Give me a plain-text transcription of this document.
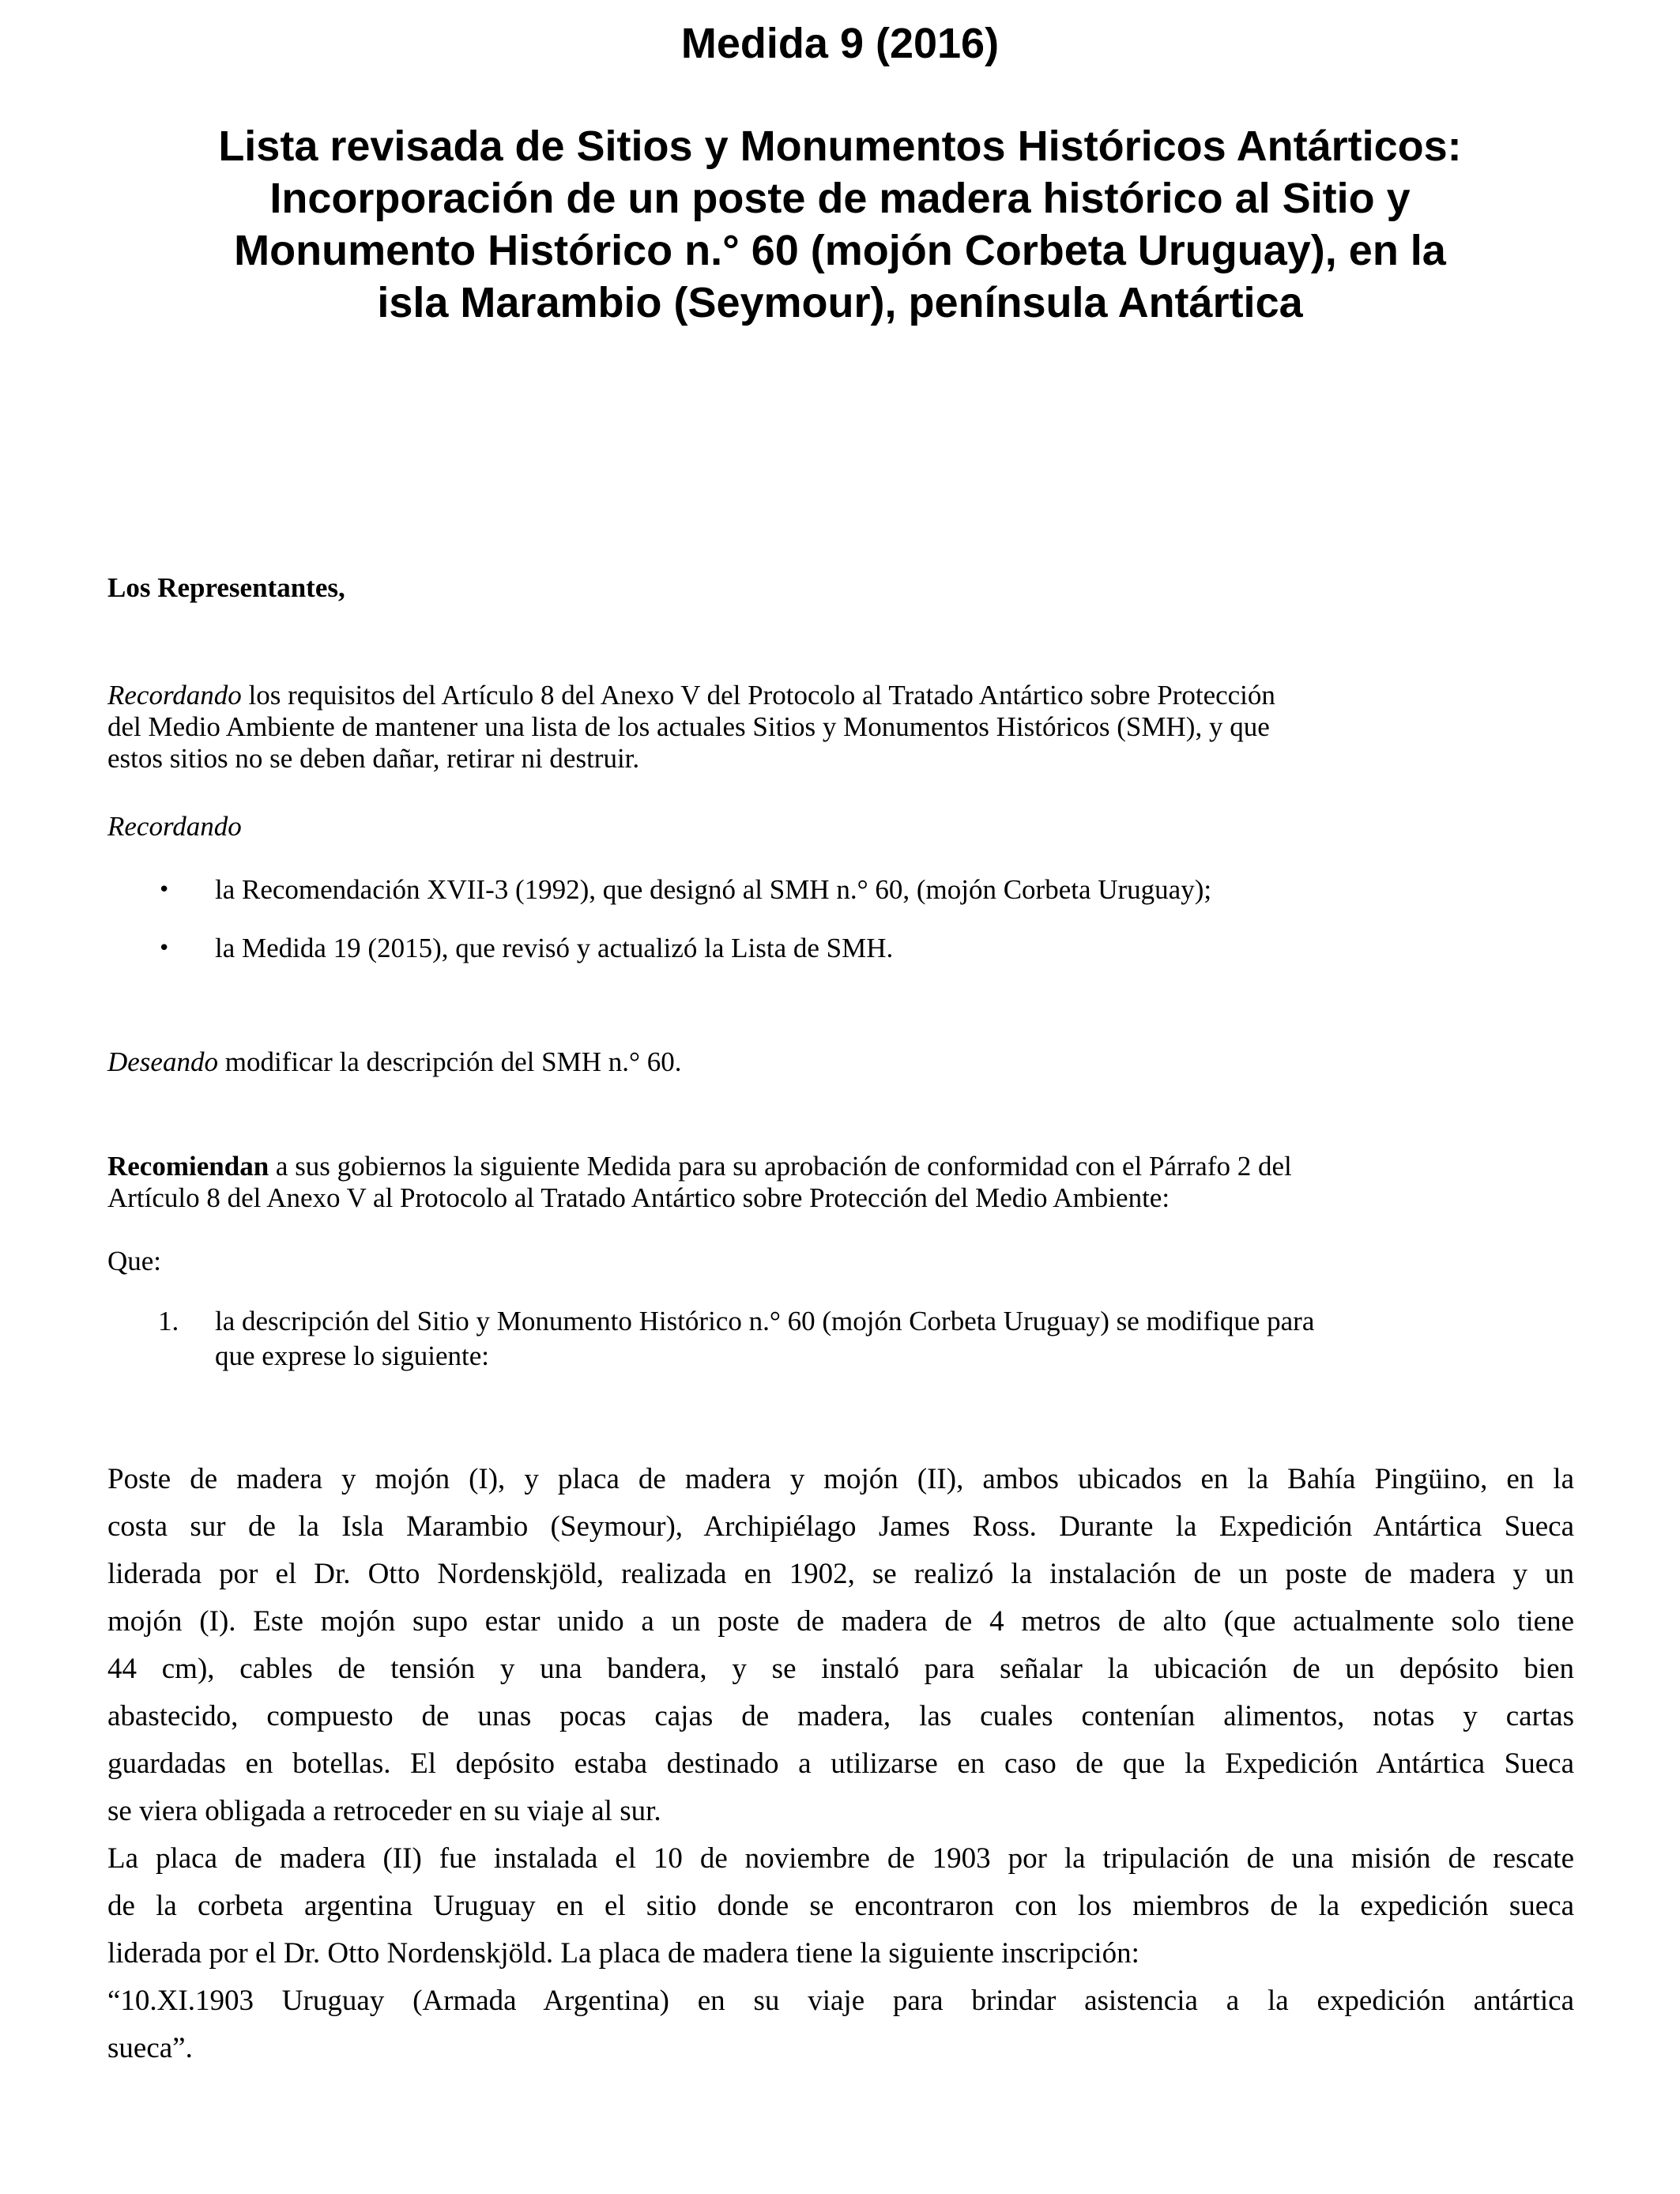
Medida 9 (2016)
Lista revisada de Sitios y Monumentos Históricos Antárticos:
Incorporación de un poste de madera histórico al Sitio y
Monumento Histórico n.° 60 (mojón Corbeta Uruguay), en la
isla Marambio (Seymour), península Antártica

Los Representantes,

Recordando los requisitos del Artículo 8 del Anexo V del Protocolo al Tratado Antártico sobre Protección
del Medio Ambiente de mantener una lista de los actuales Sitios y Monumentos Históricos (SMH), y que
estos sitios no se deben dañar, retirar ni destruir.

Recordando

• la Recomendación XVII-3 (1992), que designó al SMH n.° 60, (mojón Corbeta Uruguay);
• la Medida 19 (2015), que revisó y actualizó la Lista de SMH.

Deseando modificar la descripción del SMH n.° 60.

Recomiendan a sus gobiernos la siguiente Medida para su aprobación de conformidad con el Párrafo 2 del
Artículo 8 del Anexo V al Protocolo al Tratado Antártico sobre Protección del Medio Ambiente:

Que:

1. la descripción del Sitio y Monumento Histórico n.° 60 (mojón Corbeta Uruguay) se modifique para
que exprese lo siguiente:

Poste de madera y mojón (I), y placa de madera y mojón (II), ambos ubicados en la Bahía Pingüino, en la
costa sur de la Isla Marambio (Seymour), Archipiélago James Ross. Durante la Expedición Antártica Sueca
liderada por el Dr. Otto Nordenskjöld, realizada en 1902, se realizó la instalación de un poste de madera y un
mojón (I). Este mojón supo estar unido a un poste de madera de 4 metros de alto (que actualmente solo tiene
44 cm), cables de tensión y una bandera, y se instaló para señalar la ubicación de un depósito bien
abastecido, compuesto de unas pocas cajas de madera, las cuales contenían alimentos, notas y cartas
guardadas en botellas. El depósito estaba destinado a utilizarse en caso de que la Expedición Antártica Sueca
se viera obligada a retroceder en su viaje al sur.

La placa de madera (II) fue instalada el 10 de noviembre de 1903 por la tripulación de una misión de rescate
de la corbeta argentina Uruguay en el sitio donde se encontraron con los miembros de la expedición sueca
liderada por el Dr. Otto Nordenskjöld. La placa de madera tiene la siguiente inscripción:
“10.XI.1903 Uruguay (Armada Argentina) en su viaje para brindar asistencia a la expedición antártica
sueca”.
